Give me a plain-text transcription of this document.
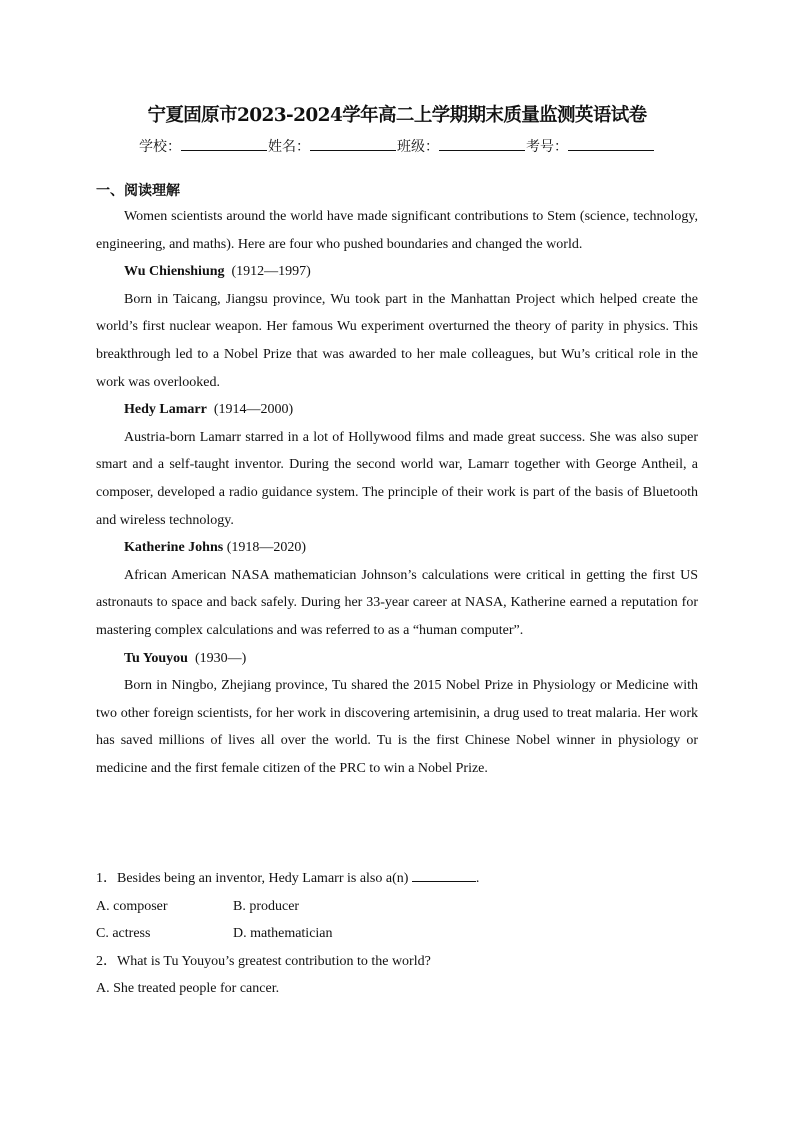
宁夏固原市2023-2024学年高二上学期期末质量监测英语试卷
学校：	姓名：	班级：	考号：
一、阅读理解

Women scientists around the world have made significant contributions to Stem (science, technology, engineering, and maths). Here are four who pushed boundaries and changed the world.

Wu Chienshiung (1912—1997)

Born in Taicang, Jiangsu province, Wu took part in the Manhattan Project which helped create the world’s first nuclear weapon. Her famous Wu experiment overturned the theory of parity in physics. This breakthrough led to a Nobel Prize that was awarded to her male colleagues, but Wu’s critical role in the work was overlooked.

Hedy Lamarr (1914—2000)

Austria-born Lamarr starred in a lot of Hollywood films and made great success. She was also super smart and a self-taught inventor. During the second world war, Lamarr together with George Antheil, a composer, developed a radio guidance system. The principle of their work is part of the basis of Bluetooth and wireless technology.

Katherine Johns (1918—2020)

African American NASA mathematician Johnson’s calculations were critical in getting the first US astronauts to space and back safely. During her 33-year career at NASA, Katherine earned a reputation for mastering complex calculations and was referred to as a “human computer”.

Tu Youyou (1930—)

Born in Ningbo, Zhejiang province, Tu shared the 2015 Nobel Prize in Physiology or Medicine with two other foreign scientists, for her work in discovering artemisinin, a drug used to treat malaria. Her work has saved millions of lives all over the world. Tu is the first Chinese Nobel winner in physiology or medicine and the first female citizen of the PRC to win a Nobel Prize.

1．Besides being an inventor, Hedy Lamarr is also a(n)	.

A. composer	B. producer
C. actress	D. mathematician

2．What is Tu Youyou’s greatest contribution to the world?

A. She treated people for cancer.
